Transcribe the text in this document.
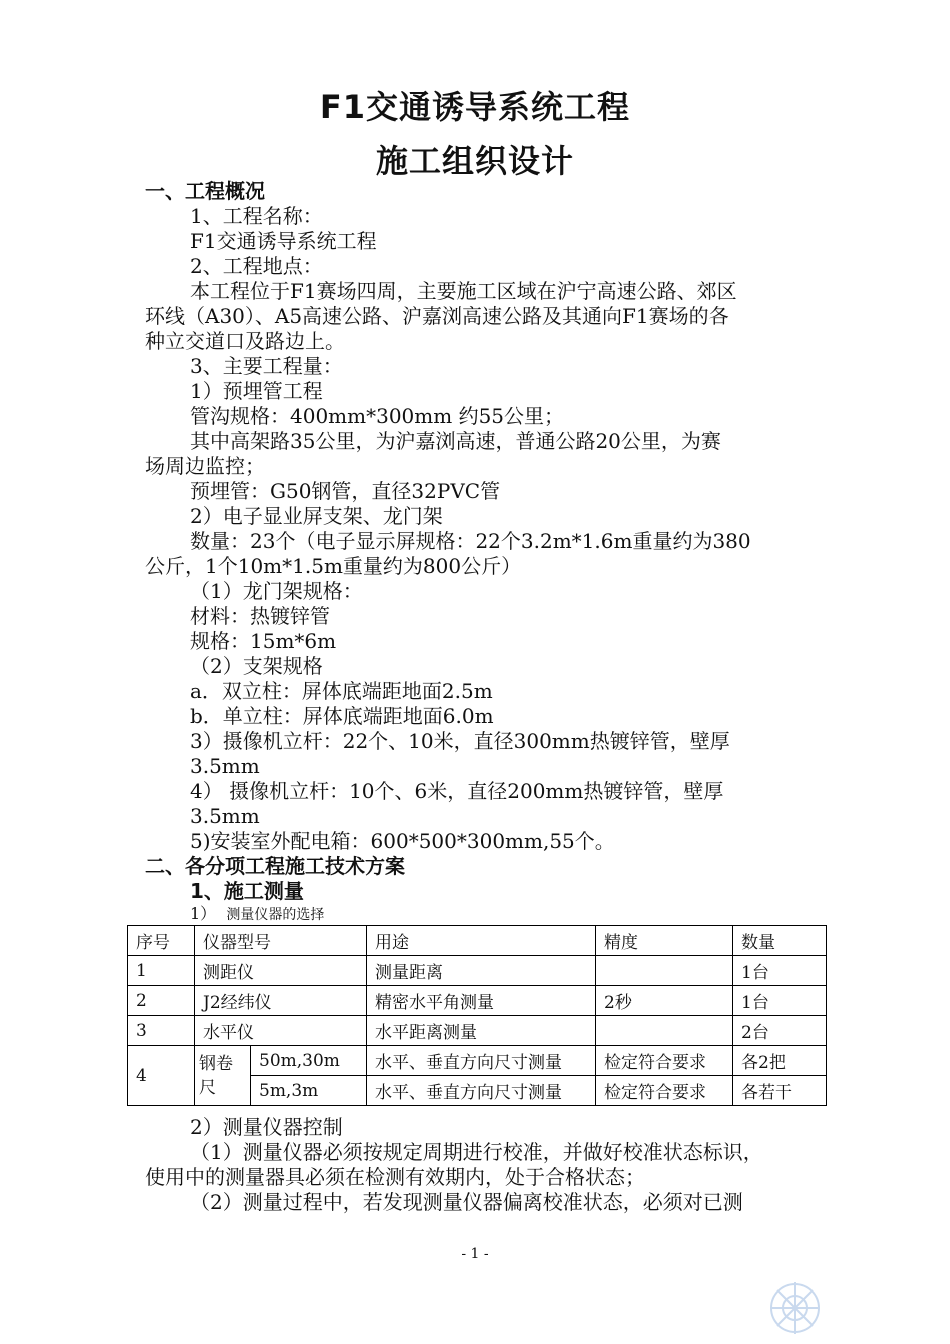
F1交通诱导系统工程
施工组织设计
一、工程概况
1、工程名称：
F1交通诱导系统工程
2、工程地点：
本工程位于F1赛场四周，主要施工区域在沪宁高速公路、郊区
环线（A30）、A5高速公路、沪嘉浏高速公路及其通向F1赛场的各
种立交道口及路边上。
3、主要工程量：
1）预埋管工程
管沟规格：400mm*300mm 约55公里；
其中高架路35公里，为沪嘉浏高速，普通公路20公里，为赛
场周边监控；
预埋管：G50钢管，直径32PVC管
2）电子显业屏支架、龙门架
数量：23个（电子显示屏规格：22个3.2m*1.6m重量约为380
公斤，1个10m*1.5m重量约为800公斤）
（1）龙门架规格：
材料：热镀锌管
规格：15m*6m
（2）支架规格
a．双立柱：屏体底端距地面2.5m
b．单立柱：屏体底端距地面6.0m
3）摄像机立杆：22个、10米，直径300mm热镀锌管，壁厚
3.5mm
4） 摄像机立杆：10个、6米，直径200mm热镀锌管，壁厚
3.5mm
5)安装室外配电箱：600*500*300mm,55个。
二、各分项工程施工技术方案
1、施工测量
1） 测量仪器的选择
序号	仪器型号		用途	精度	数量
1	测距仪		测量距离		1台
2	J2经纬仪		精密水平角测量	2秒	1台
3	水平仪		水平距离测量		2台
4	钢卷尺	50m,30m	水平、垂直方向尺寸测量	检定符合要求	各2把
		5m,3m	水平、垂直方向尺寸测量	检定符合要求	各若干
2）测量仪器控制
（1）测量仪器必须按规定周期进行校准，并做好校准状态标识，
使用中的测量器具必须在检测有效期内，处于合格状态；
（2）测量过程中，若发现测量仪器偏离校准状态，必须对已测
- 1 -
